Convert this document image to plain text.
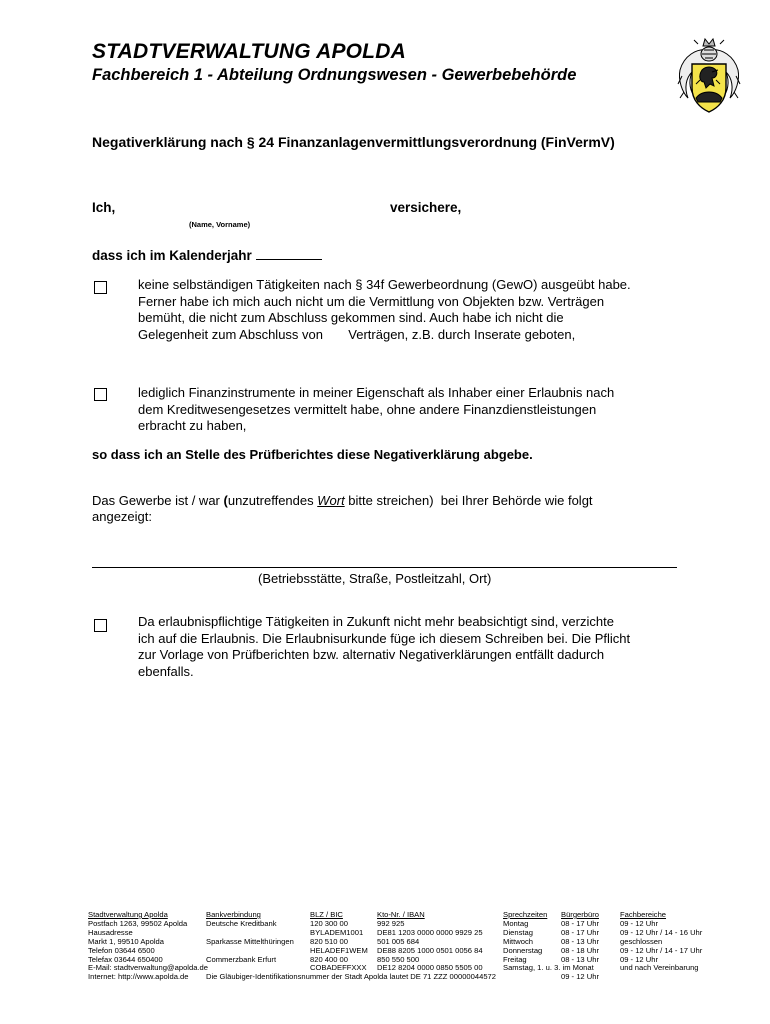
STADTVERWALTUNG APOLDA
Fachbereich 1 - Abteilung Ordnungswesen - Gewerbebehörde
Negativerklärung nach § 24 Finanzanlagenvermittlungsverordnung (FinVermV)
Ich,	versichere,
(Name, Vorname)
dass ich im Kalenderjahr
keine selbständigen Tätigkeiten nach § 34f Gewerbeordnung (GewO) ausgeübt habe.
Ferner habe ich mich auch nicht um die Vermittlung von Objekten bzw. Verträgen
bemüht, die nicht zum Abschluss gekommen sind. Auch habe ich nicht die
Gelegenheit zum Abschluss von       Verträgen, z.B. durch Inserate geboten,
lediglich Finanzinstrumente in meiner Eigenschaft als Inhaber einer Erlaubnis nach
dem Kreditwesengesetzes vermittelt habe, ohne andere Finanzdienstleistungen
erbracht zu haben,
so dass ich an Stelle des Prüfberichtes diese Negativerklärung abgebe.
Das Gewerbe ist / war (unzutreffendes Wort bitte streichen)  bei Ihrer Behörde wie folgt
angezeigt:
(Betriebsstätte, Straße, Postleitzahl, Ort)
Da erlaubnispflichtige Tätigkeiten in Zukunft nicht mehr beabsichtigt sind, verzichte
ich auf die Erlaubnis. Die Erlaubnisurkunde füge ich diesem Schreiben bei. Die Pflicht
zur Vorlage von Prüfberichten bzw. alternativ Negativerklärungen entfällt dadurch
ebenfalls.
Stadtverwaltung Apolda
Postfach 1263, 99502 Apolda
Hausadresse
Markt 1, 99510 Apolda
Telefon 03644 6500
Telefax 03644 650400
E-Mail: stadtverwaltung@apolda.de
Internet: http://www.apolda.de
Bankverbindung
Deutsche Kreditbank

Sparkasse Mittelthüringen

Commerzbank Erfurt

Die Gläubiger-Identifikationsnummer der Stadt Apolda lautet DE 71 ZZZ 00000044572
BLZ / BIC
120 300 00
BYLADEM1001
820 510 00
HELADEF1WEM
820 400 00
COBADEFFXXX
Kto-Nr. / IBAN
992 925
DE81 1203 0000 0000 9929 25
501 005 684
DE88 8205 1000 0501 0056 84
850 550 500
DE12 8204 0000 0850 5505 00
Sprechzeiten
Montag
Dienstag
Mittwoch
Donnerstag
Freitag
Samstag, 1. u. 3. im Monat
Bürgerbüro
08 - 17 Uhr
08 - 17 Uhr
08 - 13 Uhr
08 - 18 Uhr
08 - 13 Uhr

09 - 12 Uhr
Fachbereiche
09 - 12 Uhr
09 - 12 Uhr / 14 - 16 Uhr
geschlossen
09 - 12 Uhr / 14 - 17 Uhr
09 - 12 Uhr
und nach Vereinbarung
